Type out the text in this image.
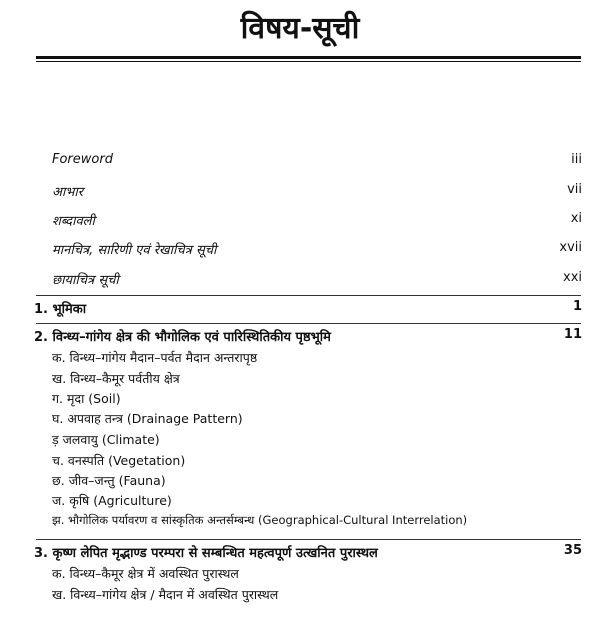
विषय-सूची
Foreword	iii
आभार	vii
शब्दावली	xi
मानचित्र, सारिणी एवं रेखाचित्र सूची	xvii
छायाचित्र सूची	xxi
1. भूमिका	1
2. विन्ध्य–गांगेय क्षेत्र की भौगोलिक एवं पारिस्थितिकीय पृष्ठभूमि	11
क. विन्ध्य–गांगेय मैदान–पर्वत मैदान अन्तरापृष्ठ
ख. विन्ध्य–कैमूर पर्वतीय क्षेत्र
ग. मृदा (Soil)
घ. अपवाह तन्त्र (Drainage Pattern)
ड़ जलवायु (Climate)
च. वनस्पति (Vegetation)
छ. जीव–जन्तु (Fauna)
ज. कृषि (Agriculture)
झ. भौगोलिक पर्यावरण व सांस्कृतिक अन्तर्सम्बन्ध (Geographical-Cultural Interrelation)
3. कृष्ण लेपित मृद्भाण्ड परम्परा से सम्बन्धित महत्वपूर्ण उत्खनित पुरास्थल	35
क. विन्ध्य–कैमूर क्षेत्र में अवस्थित पुरास्थल
ख. विन्ध्य–गांगेय क्षेत्र / मैदान में अवस्थित पुरास्थल
